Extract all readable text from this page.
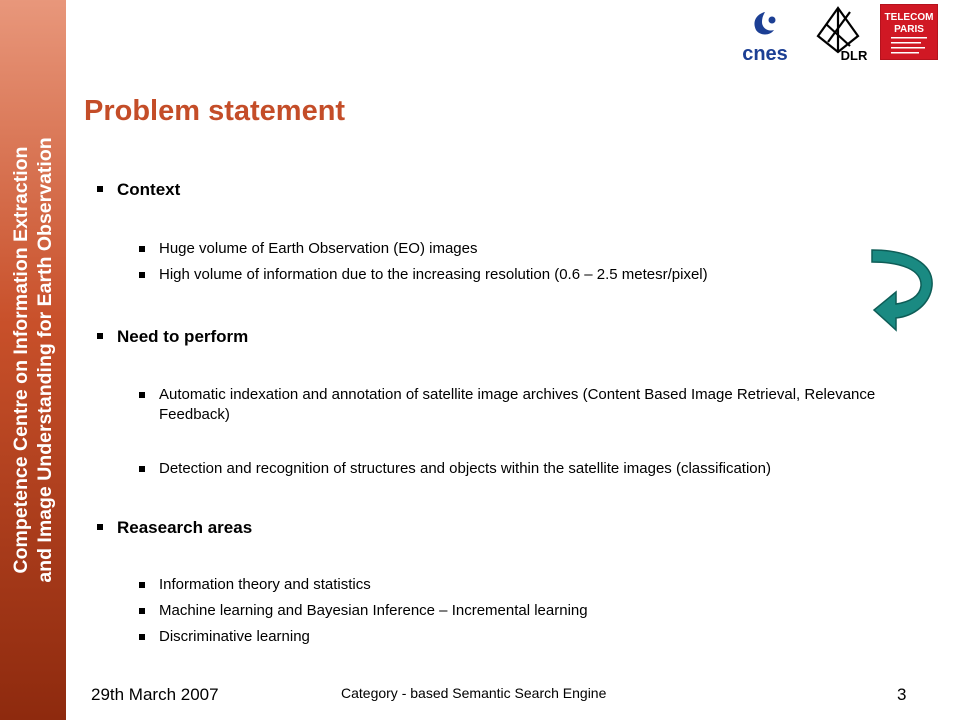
Competence Centre on Information Extraction and Image Understanding for Earth Observation
cnes	DLR
TELECOM
PARIS
Problem statement
Context
Huge volume of Earth Observation (EO) images
High volume of information due to the increasing resolution (0.6 – 2.5 metesr/pixel)
Need to perform
Automatic indexation and annotation of satellite image archives (Content Based Image Retrieval, Relevance Feedback)
Detection and recognition of structures and objects within the satellite images (classification)
Reasearch areas
Information theory and statistics
Machine learning and Bayesian Inference – Incremental learning
Discriminative learning
29th March 2007	Category - based Semantic Search Engine	3
